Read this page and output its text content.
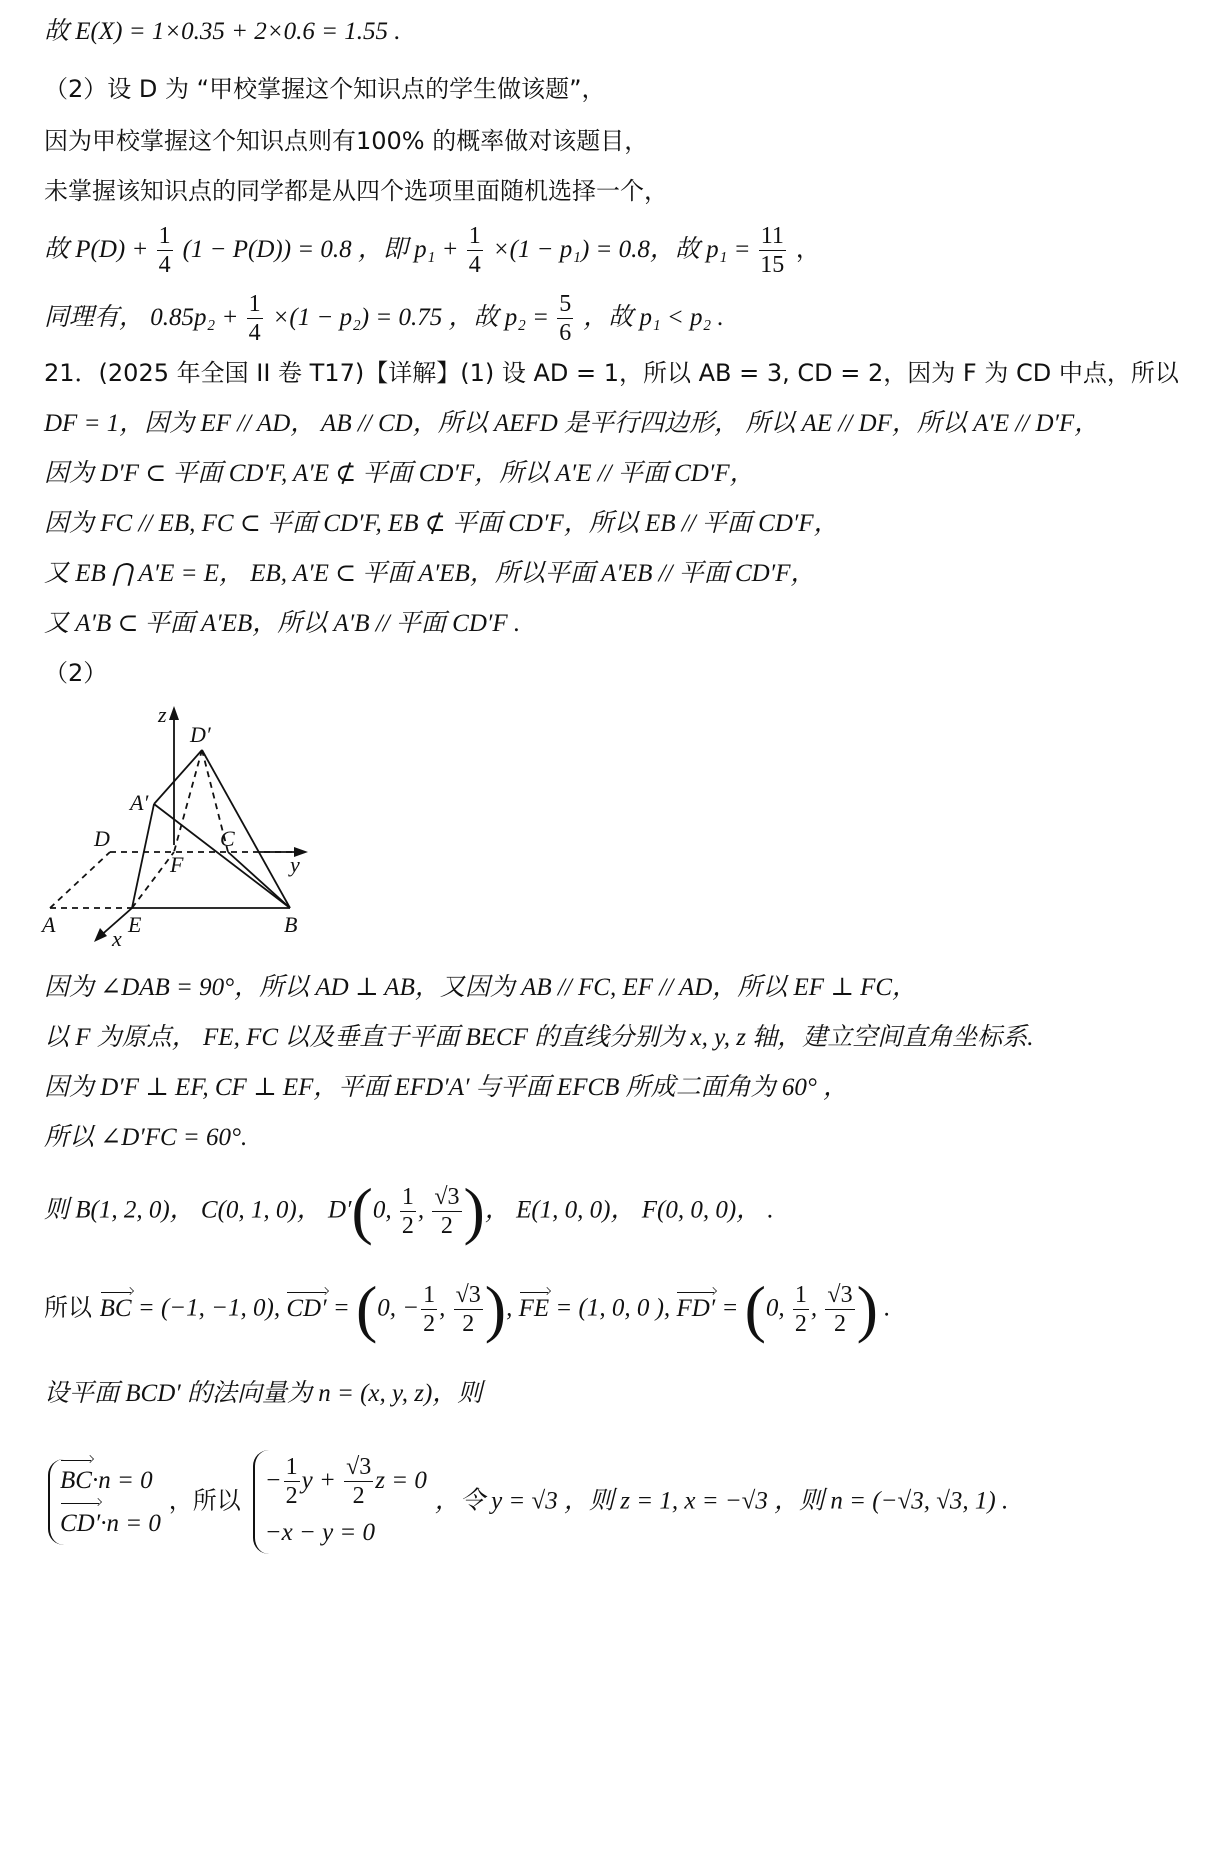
故 E(X) = 1×0.35 + 2×0.6 = 1.55 .
（2）设 D 为 “甲校掌握这个知识点的学生做该题”，
因为甲校掌握这个知识点则有100% 的概率做对该题目，
未掌握该知识点的同学都是从四个选项里面随机选择一个，
故 $P(D) + \frac{1}{4} (1 - P(D)) = 0.8$ ，即 $p_1 + \frac{1}{4} \times(1 - p_1) = 0.8$，故 $p_1 = \frac{11}{15}$ ，
同理有， $0.85p_2 + \frac{1}{4} \times(1 - p_2) = 0.75$ ，故 $p_2 = \frac{5}{6}$ ，故 p₁ < p₂ .
21．(2025 年全国 II 卷 T17)【详解】(1) 设 AD = 1，所以 AB = 3, CD = 2，因为 F 为 CD 中点，所以
DF = 1，因为 EF // AD， AB // CD，所以 AEFD 是平行四边形， 所以 AE // DF，所以 A′E // D′F，
因为 D′F ⊂ 平面 CD′F, A′E ⊄ 平面 CD′F，所以 A′E // 平面 CD′F，
因为 FC // EB, FC ⊂ 平面 CD′F, EB ⊄ 平面 CD′F，所以 EB // 平面 CD′F，
又 EB ⋂ A′E = E， EB, A′E ⊂ 平面 A′EB，所以平面 A′EB // 平面 CD′F，
又 A′B ⊂ 平面 A′EB，所以 A′B // 平面 CD′F .
（2）
z
D′
A′
D	C
F	y
A	E	B
x
因为 ∠DAB = 90°，所以 AD ⊥ AB，又因为 AB // FC, EF // AD，所以 EF ⊥ FC，
以 F 为原点， FE, FC 以及垂直于平面 BECF 的直线分别为 x, y, z 轴，建立空间直角坐标系.
因为 D′F ⊥ EF, CF ⊥ EF，平面 EFD′A′ 与平面 EFCB 所成二面角为 60° ，
所以 ∠D′FC = 60°.
则 B(1, 2, 0)， C(0, 1, 0)， D′(0, $\frac{1}{2}$ , $\frac{√3}{2}$ )， E(1, 0, 0)， F(0, 0, 0)， .
所以 BC = (−1, −1, 0), CD′ = (0, − $\frac{1}{2}$ , $\frac{√3}{2}$ ), FE = (1, 0, 0 ), FD′ = (0, $\frac{1}{2}$ , $\frac{√3}{2}$ ) .
设平面 BCD′ 的法向量为 n = (x, y, z)，则
BC·n = 0
CD′·n = 0
，所以
− $\frac{1}{2}$ $y + \frac{√3}{2}$ z = 0
−x − y = 0
，令 y = √3 ，则 z = 1, x = −√3 ，则 n = (−√3, √3, 1) .
